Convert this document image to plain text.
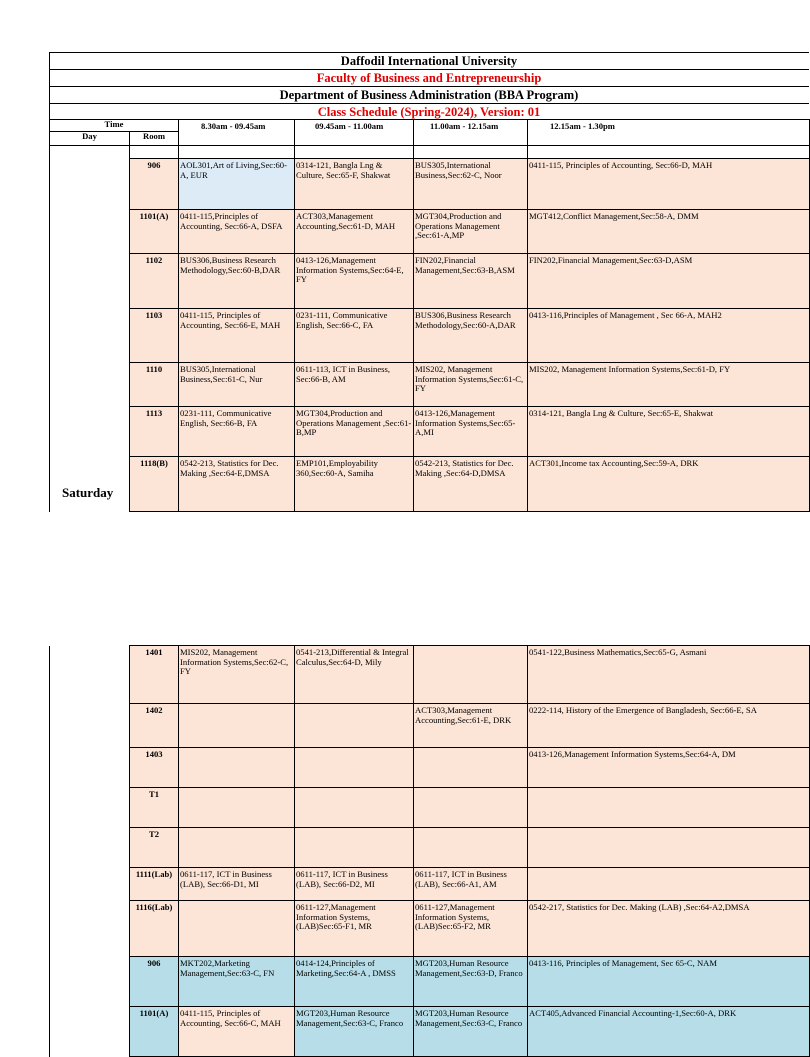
Daffodil International University
Faculty of Business and Entrepreneurship
Department of Business Administration (BBA Program)
Class Schedule (Spring-2024), Version: 01
Time		8.30am - 09.45am	09.45am - 11.00am	11.00am - 12.15am	12.15am - 1.30pm
Day	Room				

	906	AOL301,Art of Living,Sec:60-A, EUR	0314-121, Bangla Lng & Culture, Sec:65-F, Shakwat	BUS305,International Business,Sec:62-C, Noor	0411-115, Principles of Accounting, Sec:66-D, MAH
	1101(A)	0411-115,Principles of Accounting, Sec:66-A, DSFA	ACT303,Management Accounting,Sec:61-D, MAH	MGT304,Production and Operations Management ,Sec:61-A,MP	MGT412,Conflict Management,Sec:58-A, DMM
	1102	BUS306,Business Research Methodology,Sec:60-B,DAR	0413-126,Management Information Systems,Sec:64-E, FY	FIN202,Financial Management,Sec:63-B,ASM	FIN202,Financial Management,Sec:63-D,ASM
	1103	0411-115, Principles of Accounting, Sec:66-E, MAH	0231-111, Communicative English, Sec:66-C, FA	BUS306,Business Research Methodology,Sec:60-A,DAR	0413-116,Principles of Management , Sec 66-A, MAH2
	1110	BUS305,International Business,Sec:61-C, Nur	0611-113, ICT in Business, Sec:66-B, AM	MIS202, Management Information Systems,Sec:61-C, FY	MIS202, Management Information Systems,Sec:61-D, FY
	1113	0231-111, Communicative English, Sec:66-B, FA	MGT304,Production and Operations Management ,Sec:61-B,MP	0413-126,Management Information Systems,Sec:65-A,MI	0314-121, Bangla Lng & Culture, Sec:65-E, Shakwat
	1118(B)	0542-213, Statistics for Dec. Making ,Sec:64-E,DMSA	EMP101,Employability 360,Sec:60-A, Samiha	0542-213, Statistics for Dec. Making ,Sec:64-D,DMSA	ACT301,Income tax Accounting,Sec:59-A, DRK
Saturday
	1401	MIS202, Management Information Systems,Sec:62-C, FY	0541-213,Differential & Integral Calculus,Sec:64-D, Mily		0541-122,Business Mathematics,Sec:65-G, Asmani
	1402			ACT303,Management Accounting,Sec:61-E, DRK	0222-114, History of the Emergence of Bangladesh, Sec:66-E, SA
	1403				0413-126,Management Information Systems,Sec:64-A, DM
	T1				
	T2				
	1111(Lab)	0611-117, ICT in Business (LAB), Sec:66-D1, MI	0611-117, ICT in Business (LAB), Sec:66-D2, MI	0611-117, ICT in Business (LAB), Sec:66-A1, AM	
	1116(Lab)		0611-127,Management Information Systems, (LAB)Sec:65-F1, MR	0611-127,Management Information Systems, (LAB)Sec:65-F2, MR	0542-217, Statistics for Dec. Making (LAB) ,Sec:64-A2,DMSA
	906	MKT202,Marketing Management,Sec:63-C, FN	0414-124,Principles of Marketing,Sec:64-A , DMSS	MGT203,Human Resource Management,Sec:63-D, Franco	0413-116, Principles of Management, Sec 65-C, NAM
	1101(A)	0411-115, Principles of Accounting, Sec:66-C, MAH	MGT203,Human Resource Management,Sec:63-C, Franco	MGT203,Human Resource Management,Sec:63-C, Franco	ACT405,Advanced Financial Accounting-1,Sec:60-A, DRK
